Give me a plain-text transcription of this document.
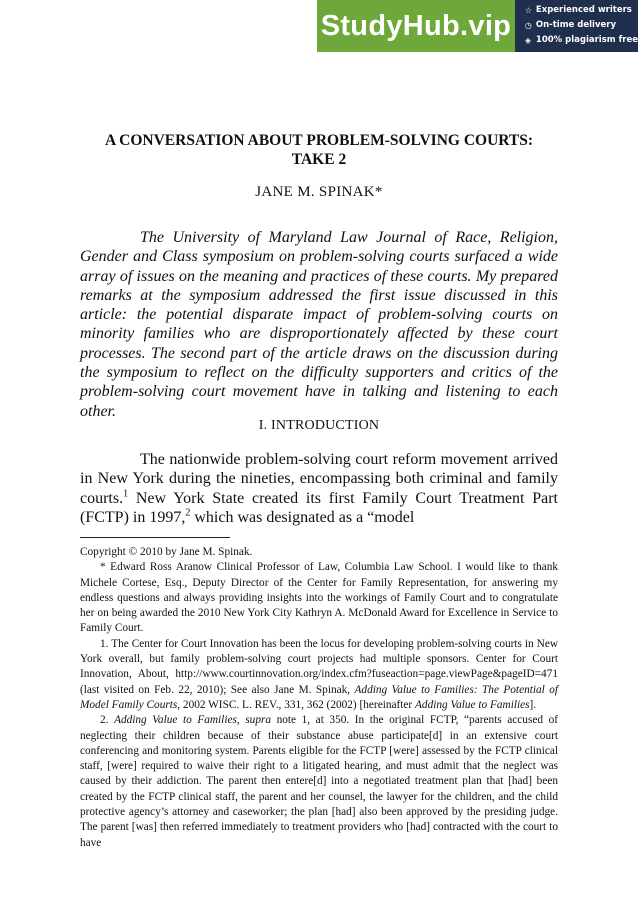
StudyHub.vip	☆ Experienced writers
◷ On-time delivery
◈ 100% plagiarism free
A CONVERSATION ABOUT PROBLEM-SOLVING COURTS:
TAKE 2
JANE M. SPINAK*

The University of Maryland Law Journal of Race, Religion, Gender and Class symposium on problem-solving courts surfaced a wide array of issues on the meaning and practices of these courts. My prepared remarks at the symposium addressed the first issue discussed in this article: the potential disparate impact of problem-solving courts on minority families who are disproportionately affected by these court processes. The second part of the article draws on the discussion during the symposium to reflect on the difficulty supporters and critics of the problem-solving court movement have in talking and listening to each other.

I. INTRODUCTION

The nationwide problem-solving court reform movement arrived in New York during the nineties, encompassing both criminal and family courts.$^1$ New York State created its first Family Court Treatment Part (FCTP) in 1997,$^2$ which was designated as a “model

Copyright © 2010 by Jane M. Spinak.

* Edward Ross Aranow Clinical Professor of Law, Columbia Law School. I would like to thank Michele Cortese, Esq., Deputy Director of the Center for Family Representation, for answering my endless questions and always providing insights into the workings of Family Court and to congratulate her on being awarded the 2010 New York City Kathryn A. McDonald Award for Excellence in Service to Family Court.

1. The Center for Court Innovation has been the locus for developing problem-solving courts in New York overall, but family problem-solving court projects had multiple sponsors. Center for Court Innovation, About, http://www.courtinnovation.org/index.cfm?fuseaction=page.viewPage&pageID=471 (last visited on Feb. 22, 2010); See also Jane M. Spinak, Adding Value to Families: The Potential of Model Family Courts, 2002 WISC. L. REV., 331, 362 (2002) [hereinafter Adding Value to Families].

2. Adding Value to Families, supra note 1, at 350. In the original FCTP, “parents accused of neglecting their children because of their substance abuse participate[d] in an extensive court conferencing and monitoring system. Parents eligible for the FCTP [were] assessed by the FCTP clinical staff, [were] required to waive their right to a litigated hearing, and must admit that the neglect was caused by their addiction. The parent then entere[d] into a negotiated treatment plan that [had] been created by the FCTP clinical staff, the parent and her counsel, the lawyer for the children, and the child protective agency’s attorney and caseworker; the plan [had] also been approved by the presiding judge. The parent [was] then referred immediately to treatment providers who [had] contracted with the court to have
